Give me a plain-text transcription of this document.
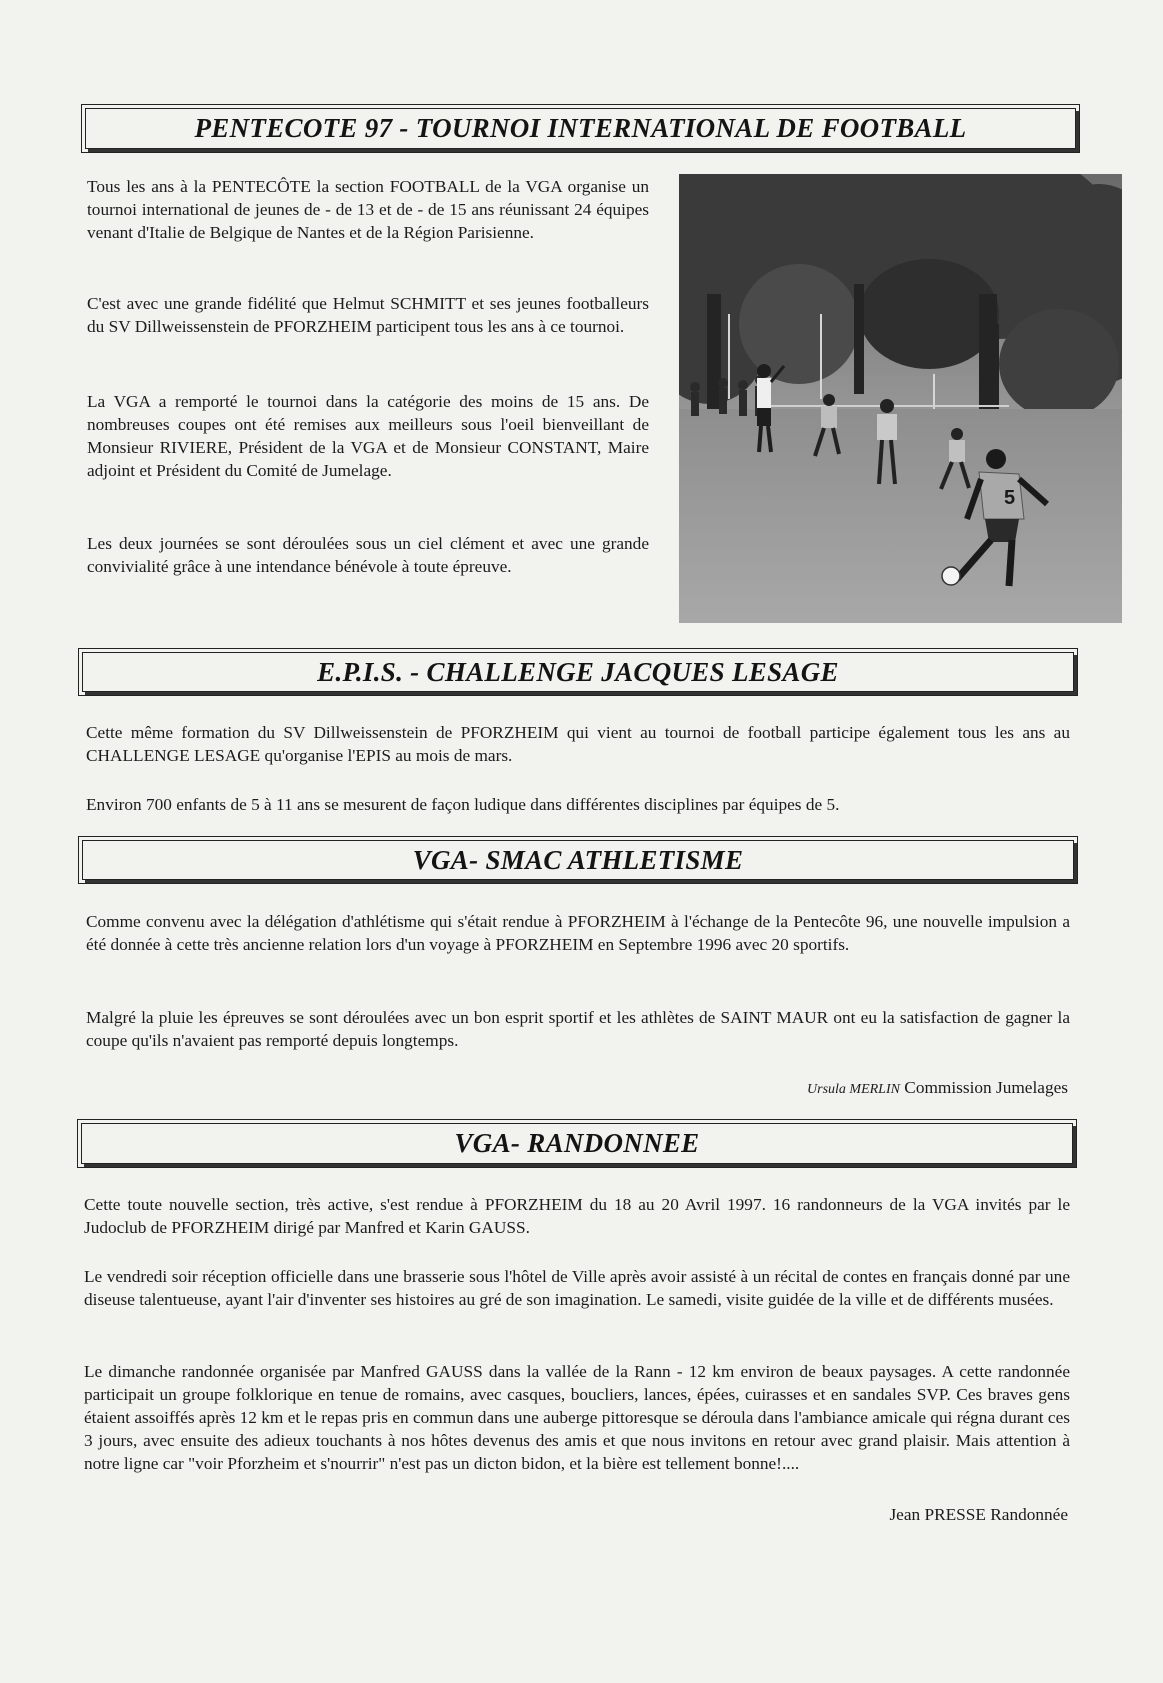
PENTECOTE 97 - TOURNOI INTERNATIONAL DE FOOTBALL

Tous les ans à la PENTECÔTE la section FOOTBALL de la VGA organise un tournoi international de jeunes de - de 13 et de - de 15 ans réunissant 24 équipes venant d'Italie de Belgique de Nantes et de la Région Parisienne.

C'est avec une grande fidélité que Helmut SCHMITT et ses jeunes footballeurs du SV Dillweissenstein de PFORZHEIM participent tous les ans à ce tournoi.

La VGA a remporté le tournoi dans la catégorie des moins de 15 ans. De nombreuses coupes ont été remises aux meilleurs sous l'oeil bienveillant de Monsieur RIVIERE, Président de la VGA et de Monsieur CONSTANT, Maire adjoint et Président du Comité de Jumelage.

Les deux journées se sont déroulées sous un ciel clément et avec une grande convivialité grâce à une intendance bénévole à toute épreuve.

5
E.P.I.S. - CHALLENGE JACQUES LESAGE

Cette même formation du SV Dillweissenstein de PFORZHEIM qui vient au tournoi de football participe également tous les ans au CHALLENGE LESAGE qu'organise l'EPIS au mois de mars.

Environ 700 enfants de 5 à 11 ans se mesurent de façon ludique dans différentes disciplines par équipes de 5.

VGA- SMAC ATHLETISME

Comme convenu avec la délégation d'athlétisme qui s'était rendue à PFORZHEIM à l'échange de la Pentecôte 96, une nouvelle impulsion a été donnée à cette très ancienne relation lors d'un voyage à PFORZHEIM en Septembre 1996 avec 20 sportifs.

Malgré la pluie les épreuves se sont déroulées avec un bon esprit sportif et les athlètes de SAINT MAUR ont eu la satisfaction de gagner la coupe qu'ils n'avaient pas remporté depuis longtemps.

Ursula MERLIN Commission Jumelages

VGA- RANDONNEE

Cette toute nouvelle section, très active, s'est rendue à PFORZHEIM du 18 au 20 Avril 1997. 16 randonneurs de la VGA invités par le Judoclub de PFORZHEIM dirigé par Manfred et Karin GAUSS.

Le vendredi soir réception officielle dans une brasserie sous l'hôtel de Ville après avoir assisté à un récital de contes en français donné par une diseuse talentueuse, ayant l'air d'inventer ses histoires au gré de son imagination. Le samedi, visite guidée de la ville et de différents musées.

Le dimanche randonnée organisée par Manfred GAUSS dans la vallée de la Rann - 12 km environ de beaux paysages. A cette randonnée participait un groupe folklorique en tenue de romains, avec casques, boucliers, lances, épées, cuirasses et en sandales SVP. Ces braves gens étaient assoiffés après 12 km et le repas pris en commun dans une auberge pittoresque se déroula dans l'ambiance amicale qui régna durant ces 3 jours, avec ensuite des adieux touchants à nos hôtes devenus des amis et que nous invitons en retour avec grand plaisir. Mais attention à notre ligne car "voir Pforzheim et s'nourrir" n'est pas un dicton bidon, et la bière est tellement bonne!....

Jean PRESSE Randonnée
